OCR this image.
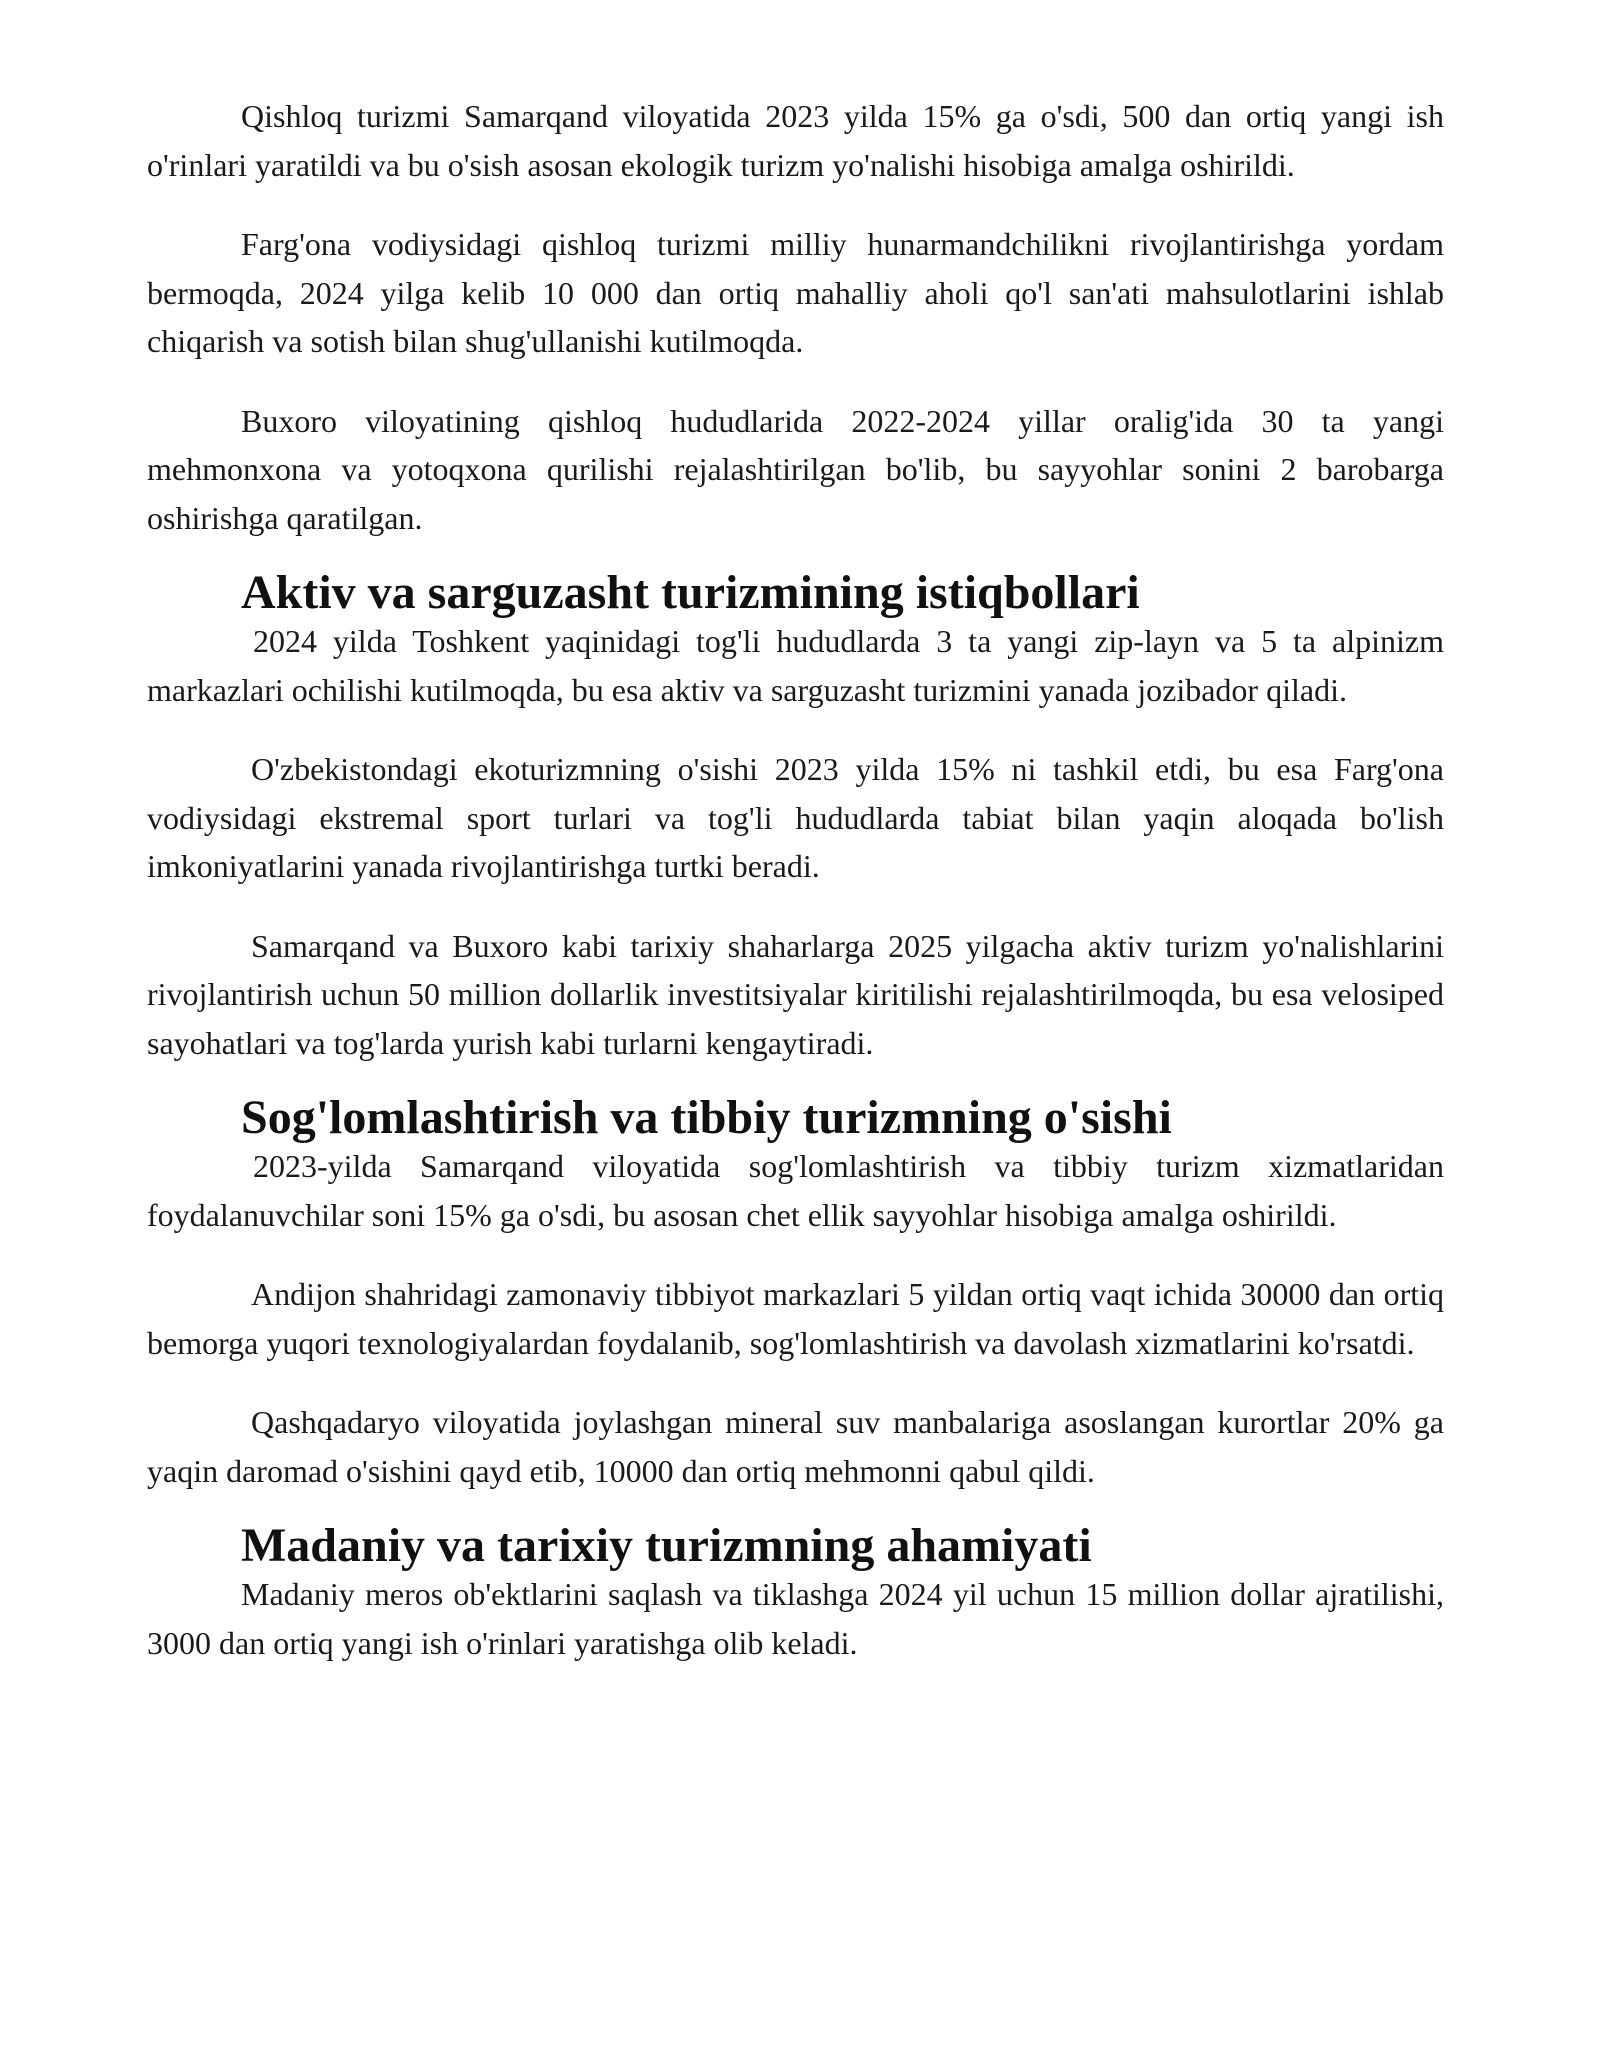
Qishloq turizmi Samarqand viloyatida 2023 yilda 15% ga o'sdi, 500 dan ortiq yangi ish o'rinlari yaratildi va bu o'sish asosan ekologik turizm yo'nalishi hisobiga amalga oshirildi.

Farg'ona vodiysidagi qishloq turizmi milliy hunarmandchilikni rivojlantirishga yordam bermoqda, 2024 yilga kelib 10 000 dan ortiq mahalliy aholi qo'l san'ati mahsulotlarini ishlab chiqarish va sotish bilan shug'ullanishi kutilmoqda.

Buxoro viloyatining qishloq hududlarida 2022-2024 yillar oralig'ida 30 ta yangi mehmonxona va yotoqxona qurilishi rejalashtirilgan bo'lib, bu sayyohlar sonini 2 barobarga oshirishga qaratilgan.

Aktiv va sarguzasht turizmining istiqbollari

2024 yilda Toshkent yaqinidagi tog'li hududlarda 3 ta yangi zip-layn va 5 ta alpinizm markazlari ochilishi kutilmoqda, bu esa aktiv va sarguzasht turizmini yanada jozibador qiladi.

O'zbekistondagi ekoturizmning o'sishi 2023 yilda 15% ni tashkil etdi, bu esa Farg'ona vodiysidagi ekstremal sport turlari va tog'li hududlarda tabiat bilan yaqin aloqada bo'lish imkoniyatlarini yanada rivojlantirishga turtki beradi.

Samarqand va Buxoro kabi tarixiy shaharlarga 2025 yilgacha aktiv turizm yo'nalishlarini rivojlantirish uchun 50 million dollarlik investitsiyalar kiritilishi rejalashtirilmoqda, bu esa velosiped sayohatlari va tog'larda yurish kabi turlarni kengaytiradi.

Sog'lomlashtirish va tibbiy turizmning o'sishi

2023-yilda Samarqand viloyatida sog'lomlashtirish va tibbiy turizm xizmatlaridan foydalanuvchilar soni 15% ga o'sdi, bu asosan chet ellik sayyohlar hisobiga amalga oshirildi.

Andijon shahridagi zamonaviy tibbiyot markazlari 5 yildan ortiq vaqt ichida 30000 dan ortiq bemorga yuqori texnologiyalardan foydalanib, sog'lomlashtirish va davolash xizmatlarini ko'rsatdi.

Qashqadaryo viloyatida joylashgan mineral suv manbalariga asoslangan kurortlar 20% ga yaqin daromad o'sishini qayd etib, 10000 dan ortiq mehmonni qabul qildi.

Madaniy va tarixiy turizmning ahamiyati

Madaniy meros ob'ektlarini saqlash va tiklashga 2024 yil uchun 15 million dollar ajratilishi, 3000 dan ortiq yangi ish o'rinlari yaratishga olib keladi.
